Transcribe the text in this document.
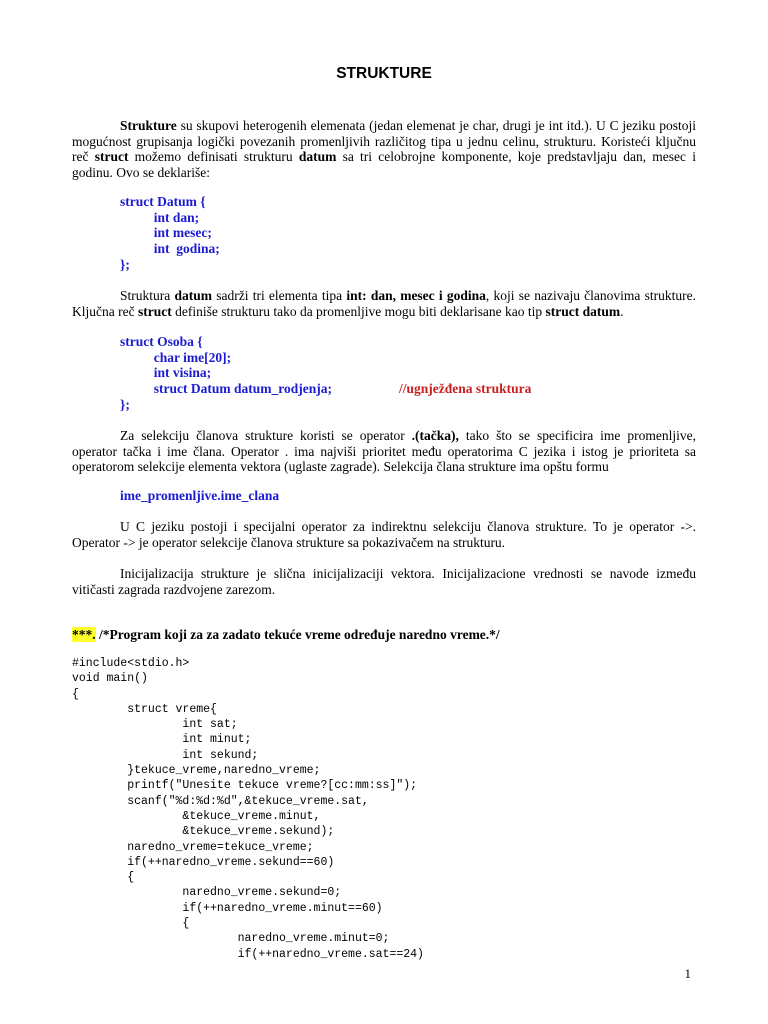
STRUKTURE

Strukture su skupovi heterogenih elemenata (jedan elemenat je char, drugi je int itd.). U C jeziku postoji mogućnost grupisanja logički povezanih promenljivih različitog tipa u jednu celinu, strukturu. Koristeći ključnu reč struct možemo definisati strukturu datum sa tri celobrojne komponente, koje predstavljaju dan, mesec i godinu. Ovo se deklariše:

struct Datum {
int dan;
int mesec;
int  godina;
};

Struktura datum sadrži tri elementa tipa int: dan, mesec i godina, koji se nazivaju članovima strukture. Ključna reč struct definiše strukturu tako da promenljive mogu biti deklarisane kao tip struct datum.

struct Osoba {
char ime[20];
int visina;
struct Datum datum_rodjenja;	//ugnježđena struktura
};

Za selekciju članova strukture koristi se operator .(tačka), tako što se specificira ime promenljive, operator tačka i ime člana. Operator . ima najviši prioritet među operatorima C jezika i istog je prioriteta sa operatorom selekcije elementa vektora (uglaste zagrade). Selekcija člana strukture ima opštu formu

ime_promenljive.ime_clana

U C jeziku postoji i specijalni operator za indirektnu selekciju članova strukture. To je operator ->. Operator -> je operator selekcije članova strukture sa pokazivačem na strukturu.

Inicijalizacija strukture je slična inicijalizaciji vektora. Inicijalizacione vrednosti se navode između vitičasti zagrada razdvojene zarezom.

***. /*Program koji za za zadato tekuće vreme određuje naredno vreme.*/
#include<stdio.h>
void main()
{
struct vreme{
int sat;
int minut;
int sekund;
}tekuce_vreme,naredno_vreme;
printf("Unesite tekuce vreme?[cc:mm:ss]");
scanf("%d:%d:%d",&tekuce_vreme.sat,
&tekuce_vreme.minut,
&tekuce_vreme.sekund);
naredno_vreme=tekuce_vreme;
if(++naredno_vreme.sekund==60)
{
naredno_vreme.sekund=0;
if(++naredno_vreme.minut==60)
{
naredno_vreme.minut=0;
if(++naredno_vreme.sat==24)
1
